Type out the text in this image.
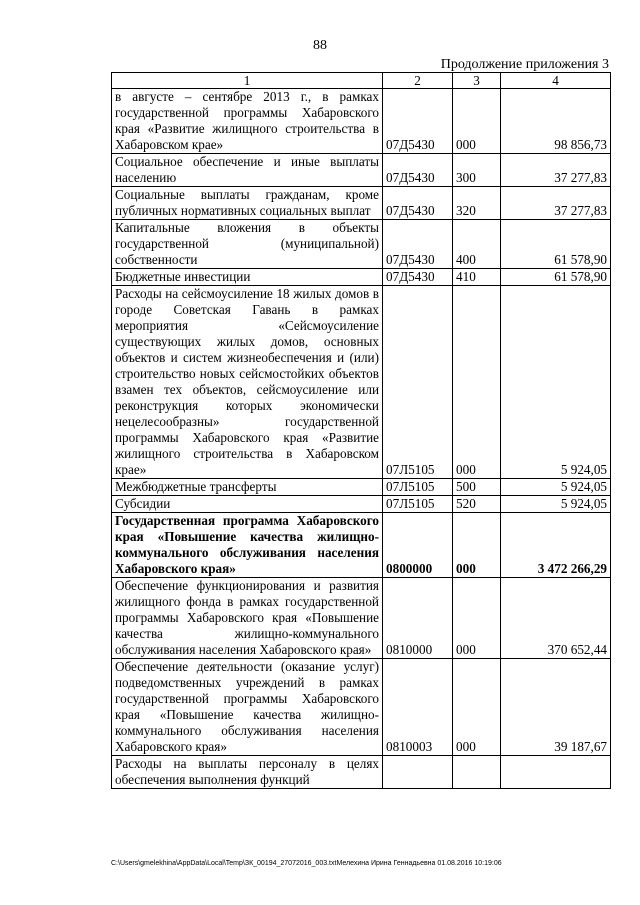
88
Продолжение приложения 3
1	2	3	4
в августе – сентябре 2013 г., в рамках государственной программы Хабаровского края «Развитие жилищного строительства в Хабаровском крае»	07Д5430	000	98 856,73
Социальное обеспечение и иные выплаты населению	07Д5430	300	37 277,83
Социальные выплаты гражданам, кроме публичных нормативных социальных выплат	07Д5430	320	37 277,83
Капитальные вложения в объекты государственной (муниципальной) собственности	07Д5430	400	61 578,90
Бюджетные инвестиции	07Д5430	410	61 578,90
Расходы на сейсмоусиление 18 жилых домов в городе Советская Гавань в рамках мероприятия «Сейсмоусиление существующих жилых домов, основных объектов и систем жизнеобеспечения и (или) строительство новых сейсмостойких объектов взамен тех объектов, сейсмоусиление или реконструкция которых экономически нецелесообразны» государственной программы Хабаровского края «Развитие жилищного строительства в Хабаровском крае»	07Л5105	000	5 924,05
Межбюджетные трансферты	07Л5105	500	5 924,05
Субсидии	07Л5105	520	5 924,05
Государственная программа Хабаровского края «Повышение качества жилищно-коммунального обслуживания населения Хабаровского края»	0800000	000	3 472 266,29
Обеспечение функционирования и развития жилищного фонда в рамках государственной программы Хабаровского края «Повышение качества жилищно-коммунального обслуживания населения Хабаровского края»	0810000	000	370 652,44
Обеспечение деятельности (оказание услуг) подведомственных учреждений в рамках государственной программы Хабаровского края «Повышение качества жилищно-коммунального обслуживания населения Хабаровского края»	0810003	000	39 187,67
Расходы на выплаты персоналу в целях обеспечения выполнения функций			
C:\Users\gmelekhina\AppData\Local\Temp\ЗК_00194_27072016_003.txtМелехина Ирина Геннадьевна 01.08.2016 10:19:06
